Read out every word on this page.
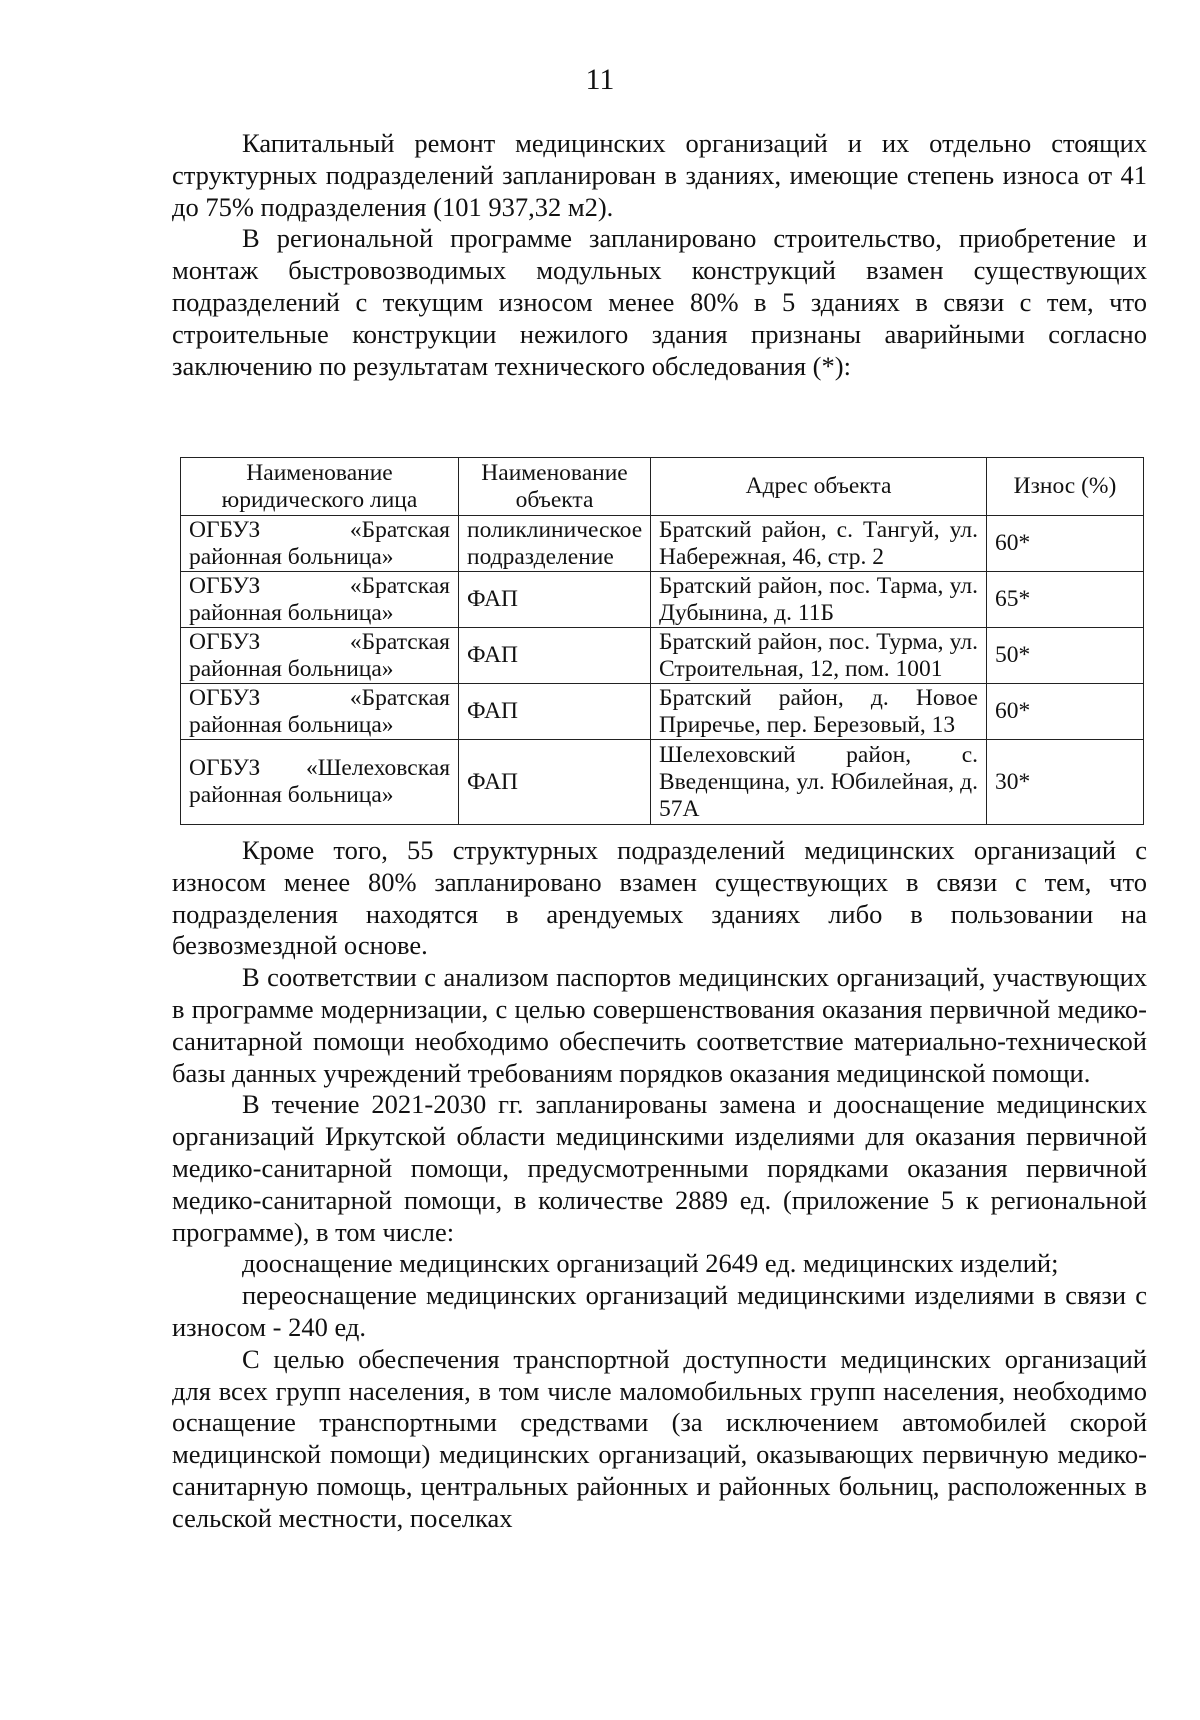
11

Капитальный ремонт медицинских организаций и их отдельно стоящих структурных подразделений запланирован в зданиях, имеющие степень износа от 41 до 75% подразделения (101 937,32 м2).

В региональной программе запланировано строительство, приобретение и монтаж быстровозводимых модульных конструкций взамен существующих подразделений с текущим износом менее 80% в 5 зданиях в связи с тем, что строительные конструкции нежилого здания признаны аварийными согласно заключению по результатам технического обследования (*):

Наименование юридического лица	Наименование объекта	Адрес объекта	Износ (%)

ОГБУЗ «Братская
районная больница»	поликлиническое подразделение	Братский район, с. Тангуй, ул. Набережная, 46, стр. 2	60*

ОГБУЗ «Братская
районная больница»	ФАП	Братский район, пос. Тарма, ул. Дубынина, д. 11Б	65*

ОГБУЗ «Братская
районная больница»	ФАП	Братский район, пос. Турма, ул. Строительная, 12, пом. 1001	50*

ОГБУЗ «Братская
районная больница»	ФАП	Братский район, д. Новое Приречье, пер. Березовый, 13	60*

ОГБУЗ «Шелеховская
районная больница»	ФАП	Шелеховский район, с. Введенщина, ул. Юбилейная, д. 57А	30*

Кроме того, 55 структурных подразделений медицинских организаций с износом менее 80% запланировано взамен существующих в связи с тем, что подразделения находятся в арендуемых зданиях либо в пользовании на безвозмездной основе.

В соответствии с анализом паспортов медицинских организаций, участвующих в программе модернизации, с целью совершенствования оказания первичной медико-санитарной помощи необходимо обеспечить соответствие материально-технической базы данных учреждений требованиям порядков оказания медицинской помощи.

В течение 2021-2030 гг. запланированы замена и дооснащение медицинских организаций Иркутской области медицинскими изделиями для оказания первичной медико-санитарной помощи, предусмотренными порядками оказания первичной медико-санитарной помощи, в количестве 2889 ед. (приложение 5 к региональной программе), в том числе:

дооснащение медицинских организаций 2649 ед. медицинских изделий;

переоснащение медицинских организаций медицинскими изделиями в связи с износом - 240 ед.

С целью обеспечения транспортной доступности медицинских организаций для всех групп населения, в том числе маломобильных групп населения, необходимо оснащение транспортными средствами (за исключением автомобилей скорой медицинской помощи) медицинских организаций, оказывающих первичную медико-санитарную помощь, центральных районных и районных больниц, расположенных в сельской местности, поселках
